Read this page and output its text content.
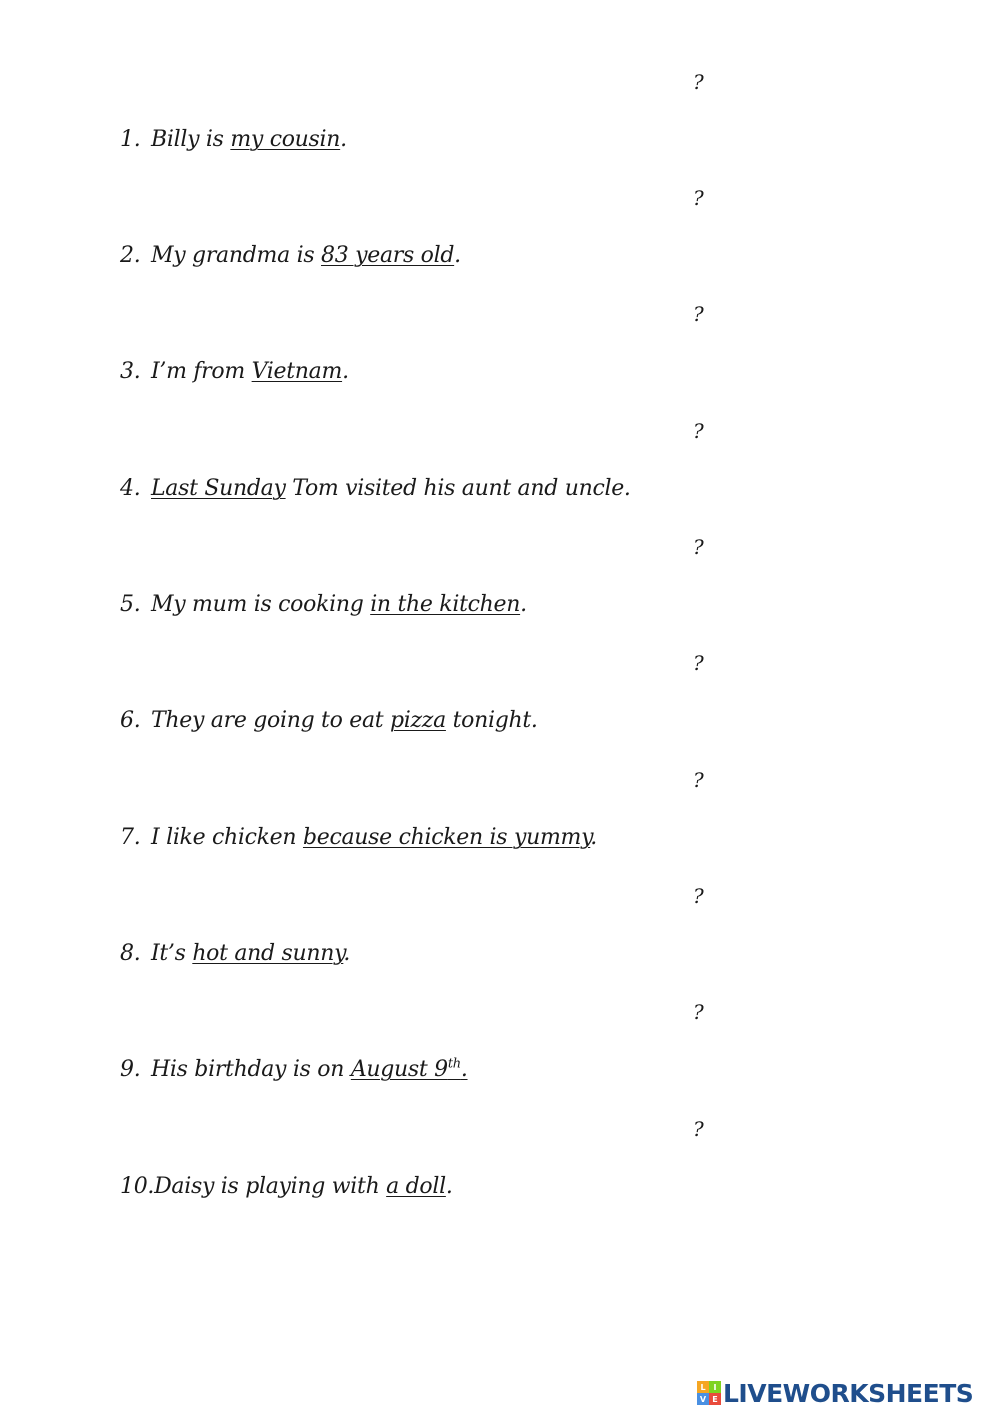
?
?
?
?
?
?
?
?
?
?
1. Billy is my cousin.
2. My grandma is 83 years old.
3. I’m from Vietnam.
4. Last Sunday Tom visited his aunt and uncle.
5. My mum is cooking in the kitchen.
6. They are going to eat pizza tonight.
7. I like chicken because chicken is yummy.
8. It’s hot and sunny.
9. His birthday is on August 9th.
10.Daisy is playing with a doll.
L I
V E LIVEWORKSHEETS
